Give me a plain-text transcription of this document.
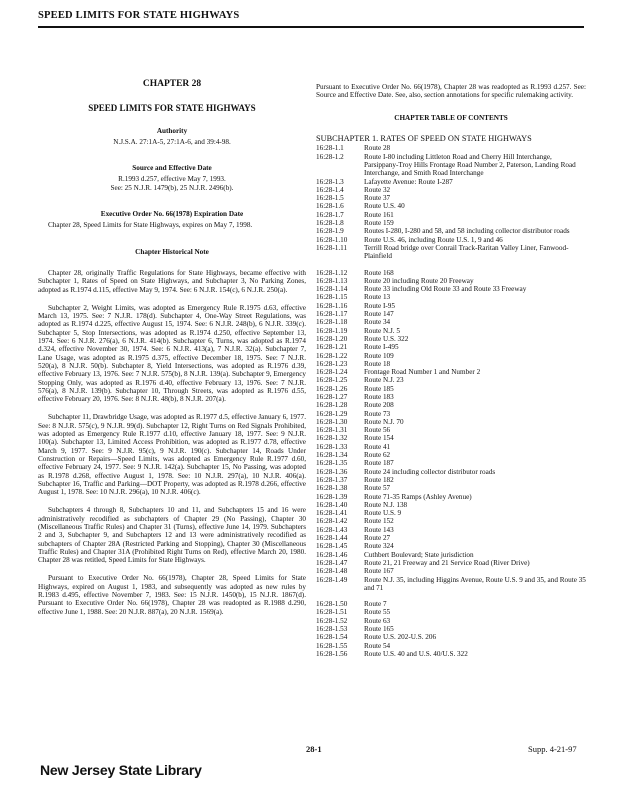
SPEED LIMITS FOR STATE HIGHWAYS
CHAPTER 28
SPEED LIMITS FOR STATE HIGHWAYS
Authority

N.J.S.A. 27:1A-5, 27:1A-6, and 39:4-98.

Source and Effective Date

R.1993 d.257, effective May 7, 1993.

See: 25 N.J.R. 1479(b), 25 N.J.R. 2496(b).

Executive Order No. 66(1978) Expiration Date

Chapter 28, Speed Limits for State Highways, expires on May 7, 1998.

Chapter Historical Note

Chapter 28, originally Traffic Regulations for State Highways, became effective with Subchapter 1, Rates of Speed on State Highways, and Subchapter 3, No Parking Zones, adopted as R.1974 d.115, effective May 9, 1974. See: 6 N.J.R. 154(c), 6 N.J.R. 250(a).

Subchapter 2, Weight Limits, was adopted as Emergency Rule R.1975 d.63, effective March 13, 1975. See: 7 N.J.R. 178(d). Subchapter 4, One-Way Street Regulations, was adopted as R.1974 d.225, effective August 15, 1974. See: 6 N.J.R. 248(b), 6 N.J.R. 339(c). Subchapter 5, Stop Intersections, was adopted as R.1974 d.250, effective September 13, 1974. See: 6 N.J.R. 276(a), 6 N.J.R. 414(b). Subchapter 6, Turns, was adopted as R.1974 d.324, effective November 30, 1974. See: 6 N.J.R. 413(a), 7 N.J.R. 32(a). Subchapter 7, Lane Usage, was adopted as R.1975 d.375, effective December 18, 1975. See: 7 N.J.R. 520(a), 8 N.J.R. 50(b). Subchapter 8, Yield Intersections, was adopted as R.1976 d.39, effective February 13, 1976. See: 7 N.J.R. 575(b), 8 N.J.R. 139(a). Subchapter 9, Emergency Stopping Only, was adopted as R.1976 d.40, effective February 13, 1976. See: 7 N.J.R. 576(a), 8 N.J.R. 139(b). Subchapter 10, Through Streets, was adopted as R.1976 d.55, effective February 20, 1976. See: 8 N.J.R. 48(b), 8 N.J.R. 207(a).

Subchapter 11, Drawbridge Usage, was adopted as R.1977 d.5, effective January 6, 1977. See: 8 N.J.R. 575(c), 9 N.J.R. 99(d). Subchapter 12, Right Turns on Red Signals Prohibited, was adopted as Emergency Rule R.1977 d.10, effective January 18, 1977. See: 9 N.J.R. 100(a). Subchapter 13, Limited Access Prohibition, was adopted as R.1977 d.78, effective March 9, 1977. See: 9 N.J.R. 95(c), 9 N.J.R. 190(c). Subchapter 14, Roads Under Construction or Repairs—Speed Limits, was adopted as Emergency Rule R.1977 d.60, effective February 24, 1977. See: 9 N.J.R. 142(a). Subchapter 15, No Passing, was adopted as R.1978 d.268, effective August 1, 1978. See: 10 N.J.R. 297(a), 10 N.J.R. 406(a). Subchapter 16, Traffic and Parking—DOT Property, was adopted as R.1978 d.266, effective August 1, 1978. See: 10 N.J.R. 296(a), 10 N.J.R. 406(c).

Subchapters 4 through 8, Subchapters 10 and 11, and Subchapters 15 and 16 were administratively recodified as subchapters of Chapter 29 (No Passing), Chapter 30 (Miscellaneous Traffic Rules) and Chapter 31 (Turns), effective June 14, 1979. Subchapters 2 and 3, Subchapter 9, and Subchapters 12 and 13 were administratively recodified as subchapters of Chapter 28A (Restricted Parking and Stopping), Chapter 30 (Miscellaneous Traffic Rules) and Chapter 31A (Prohibited Right Turns on Red), effective March 20, 1980. Chapter 28 was retitled, Speed Limits for State Highways.

Pursuant to Executive Order No. 66(1978), Chapter 28, Speed Limits for State Highways, expired on August 1, 1983, and subsequently was adopted as new rules by R.1983 d.495, effective November 7, 1983. See: 15 N.J.R. 1450(b), 15 N.J.R. 1867(d). Pursuant to Executive Order No. 66(1978), Chapter 28 was readopted as R.1988 d.290, effective June 1, 1988. See: 20 N.J.R. 887(a), 20 N.J.R. 1569(a).

Pursuant to Executive Order No. 66(1978), Chapter 28 was readopted as R.1993 d.257. See: Source and Effective Date. See, also, section annotations for specific rulemaking activity.

CHAPTER TABLE OF CONTENTS
SUBCHAPTER 1. RATES OF SPEED ON STATE HIGHWAYS
16:28-1.1	Route 28
16:28-1.2	Route I-80 including Littleton Road and Cherry Hill Interchange, Parsippany-Troy Hills Frontage Road Number 2, Paterson, Landing Road Interchange, and Smith Road Interchange
16:28-1.3	Lafayette Avenue: Route I-287
16:28-1.4	Route 32
16:28-1.5	Route 37
16:28-1.6	Route U.S. 40
16:28-1.7	Route 161
16:28-1.8	Route 159
16:28-1.9	Routes I-280, I-280 and 58, and 58 including collector distributor roads
16:28-1.10	Route U.S. 46, including Route U.S. 1, 9 and 46
16:28-1.11	Terrill Road bridge over Conrail Track-Raritan Valley Liner, Fanwood-Plainfield
16:28-1.12	Route 168
16:28-1.13	Route 20 including Route 20 Freeway
16:28-1.14	Route 33 including Old Route 33 and Route 33 Freeway
16:28-1.15	Route 13
16:28-1.16	Route I-95
16:28-1.17	Route 147
16:28-1.18	Route 34
16:28-1.19	Route N.J. 5
16:28-1.20	Route U.S. 322
16:28-1.21	Route I-495
16:28-1.22	Route 109
16:28-1.23	Route 18
16:28-1.24	Frontage Road Number 1 and Number 2
16:28-1.25	Route N.J. 23
16:28-1.26	Route 185
16:28-1.27	Route 183
16:28-1.28	Route 208
16:28-1.29	Route 73
16:28-1.30	Route N.J. 70
16:28-1.31	Route 56
16:28-1.32	Route 154
16:28-1.33	Route 41
16:28-1.34	Route 62
16:28-1.35	Route 187
16:28-1.36	Route 24 including collector distributor roads
16:28-1.37	Route 182
16:28-1.38	Route 57
16:28-1.39	Route 71-35 Ramps (Ashley Avenue)
16:28-1.40	Route N.J. 138
16:28-1.41	Route U.S. 9
16:28-1.42	Route 152
16:28-1.43	Route 143
16:28-1.44	Route 27
16:28-1.45	Route 324
16:28-1.46	Cuthbert Boulevard; State jurisdiction
16:28-1.47	Route 21, 21 Freeway and 21 Service Road (River Drive)
16:28-1.48	Route 167
16:28-1.49	Route N.J. 35, including Higgins Avenue, Route U.S. 9 and 35, and Route 35 and 71
16:28-1.50	Route 7
16:28-1.51	Route 55
16:28-1.52	Route 63
16:28-1.53	Route 165
16:28-1.54	Route U.S. 202-U.S. 206
16:28-1.55	Route 54
16:28-1.56	Route U.S. 40 and U.S. 40/U.S. 322
28-1	Supp. 4-21-97
New Jersey State Library
